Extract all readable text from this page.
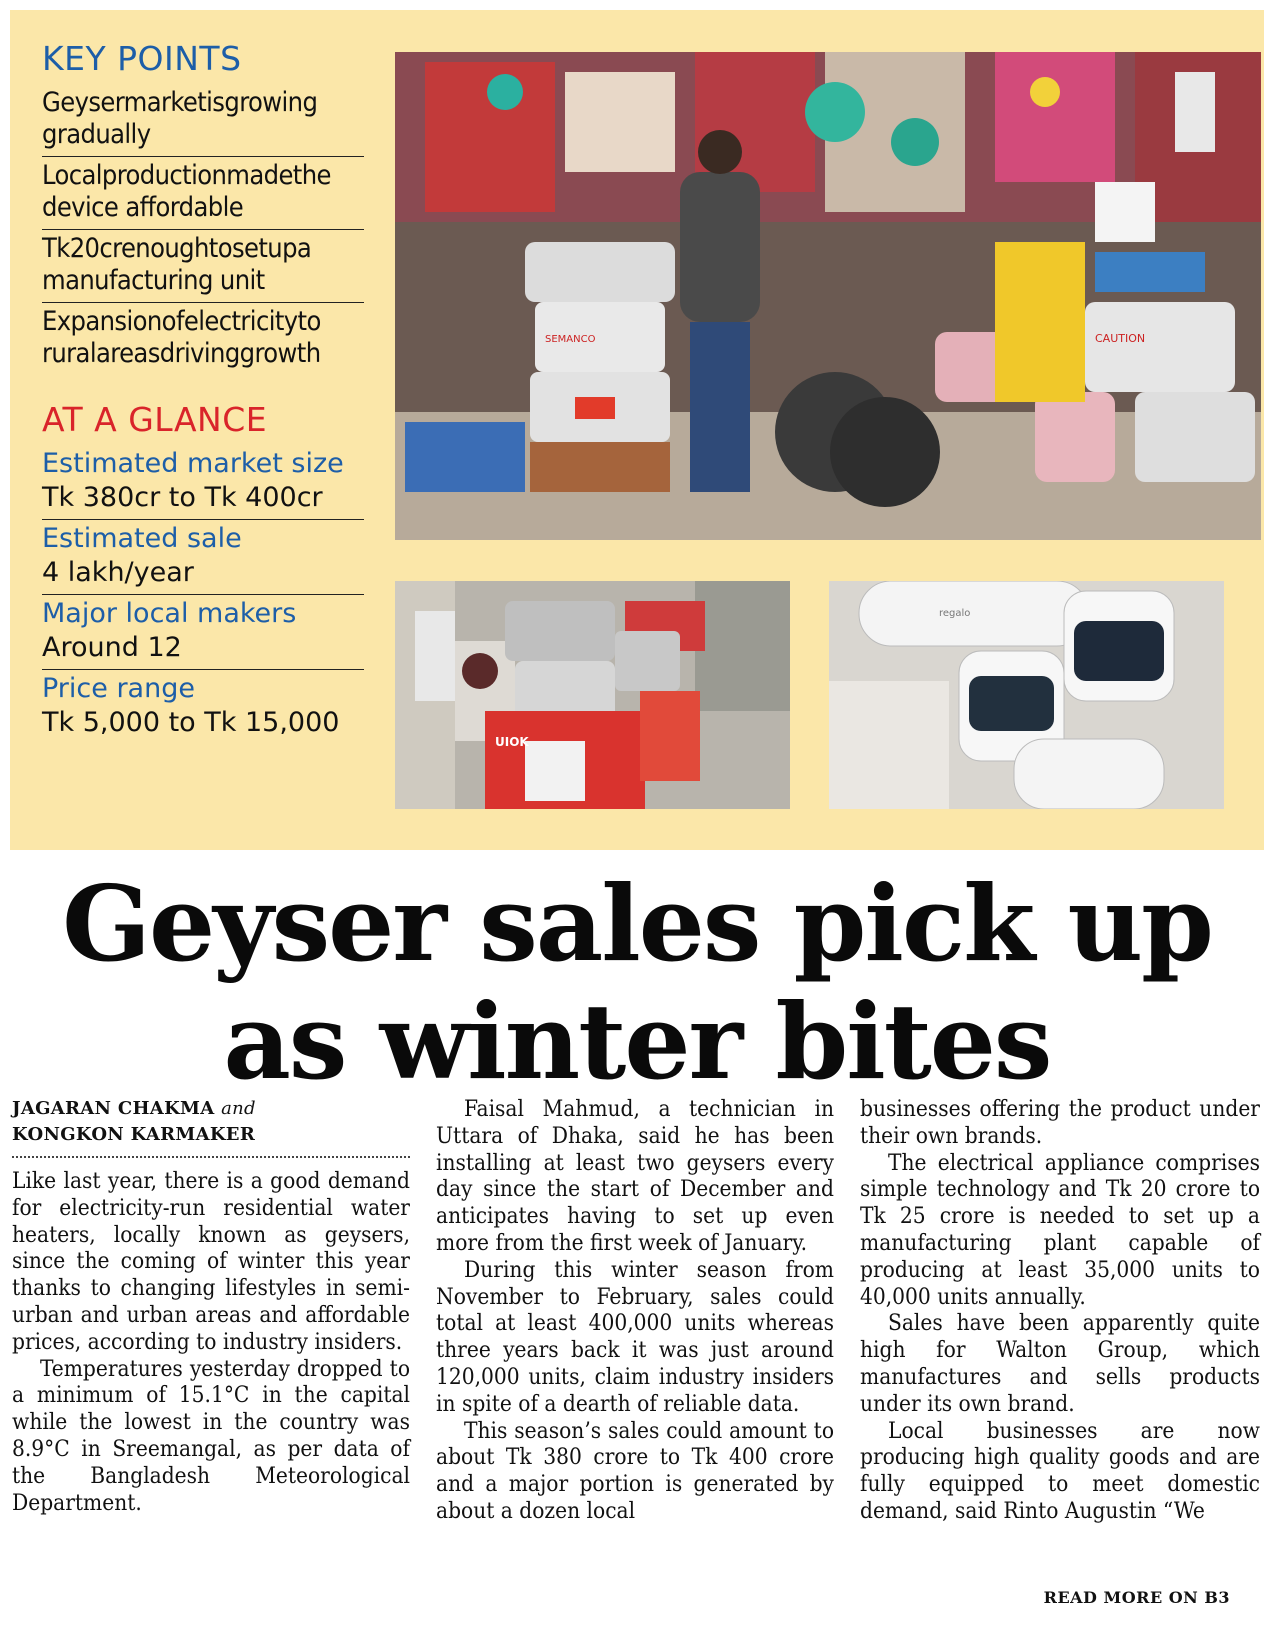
KEY POINTS
Geysermarketisgrowing gradually
Localproductionmadethe device affordable
Tk20crenoughtosetupa manufacturing unit
Expansionofelectricityto ruralareasdrivinggrowth
AT A GLANCE
Estimated market size
Tk 380cr to Tk 400cr
Estimated sale
4 lakh/year
Major local makers
Around 12
Price range
Tk 5,000 to Tk 15,000
CAUTION
SEMANCO
UIOK
regalo
Geyser sales pick up
as winter bites
JAGARAN CHAKMA and
KONGKON KARMAKER

Like last year, there is a good demand for electricity-run residential water heaters, locally known as geysers, since the coming of winter this year thanks to changing lifestyles in semi-urban and urban areas and affordable prices, according to industry insiders.

Temperatures yesterday dropped to a minimum of 15.1°C in the capital while the lowest in the country was 8.9°C in Sreemangal, as per data of the Bangladesh Meteorological Department.

Faisal Mahmud, a technician in Uttara of Dhaka, said he has been installing at least two geysers every day since the start of December and anticipates having to set up even more from the first week of January.

During this winter season from November to February, sales could total at least 400,000 units whereas three years back it was just around 120,000 units, claim industry insiders in spite of a dearth of reliable data.

This season’s sales could amount to about Tk 380 crore to Tk 400 crore and a major portion is generated by about a dozen local

businesses offering the product under their own brands.

The electrical appliance comprises simple technology and Tk 20 crore to Tk 25 crore is needed to set up a manufacturing plant capable of producing at least 35,000 units to 40,000 units annually.

Sales have been apparently quite high for Walton Group, which manufactures and sells products under its own brand.

Local businesses are now producing high quality goods and are fully equipped to meet domestic demand, said Rinto Augustin “We

READ MORE ON B3
